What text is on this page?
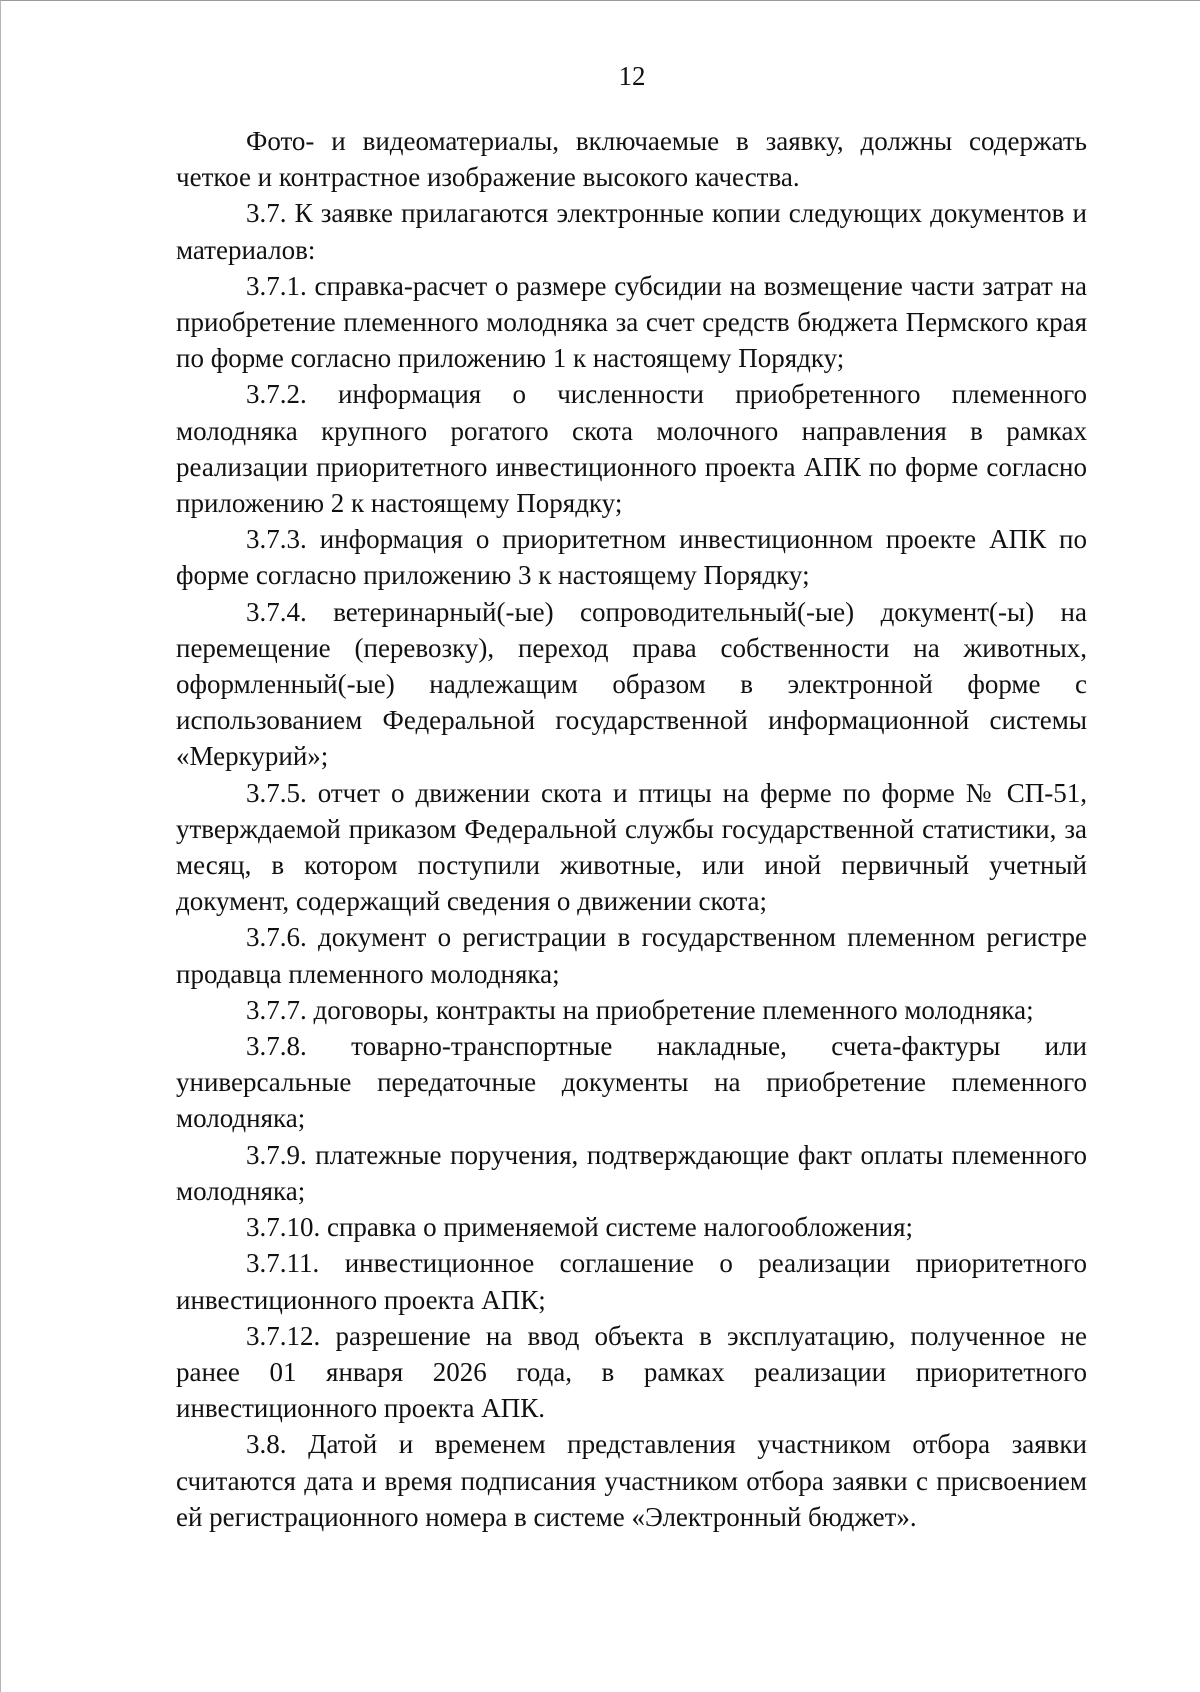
12

Фото- и видеоматериалы, включаемые в заявку, должны содержать четкое и контрастное изображение высокого качества.

3.7. К заявке прилагаются электронные копии следующих документов и материалов:

3.7.1. справка-расчет о размере субсидии на возмещение части затрат на приобретение племенного молодняка за счет средств бюджета Пермского края по форме согласно приложению 1 к настоящему Порядку;

3.7.2. информация о численности приобретенного племенного молодняка крупного рогатого скота молочного направления в рамках реализации приоритетного инвестиционного проекта АПК по форме согласно приложению 2 к настоящему Порядку;

3.7.3. информация о приоритетном инвестиционном проекте АПК по форме согласно приложению 3 к настоящему Порядку;

3.7.4. ветеринарный(-ые) сопроводительный(-ые) документ(-ы) на перемещение (перевозку), переход права собственности на животных, оформленный(-ые) надлежащим образом в электронной форме с использованием Федеральной государственной информационной системы «Меркурий»;

3.7.5. отчет о движении скота и птицы на ферме по форме № СП-51, утверждаемой приказом Федеральной службы государственной статистики, за месяц, в котором поступили животные, или иной первичный учетный документ, содержащий сведения о движении скота;

3.7.6. документ о регистрации в государственном племенном регистре продавца племенного молодняка;

3.7.7. договоры, контракты на приобретение племенного молодняка;

3.7.8. товарно-транспортные накладные, счета-фактуры или универсальные передаточные документы на приобретение племенного молодняка;

3.7.9. платежные поручения, подтверждающие факт оплаты племенного молодняка;

3.7.10. справка о применяемой системе налогообложения;

3.7.11. инвестиционное соглашение о реализации приоритетного инвестиционного проекта АПК;

3.7.12. разрешение на ввод объекта в эксплуатацию, полученное не ранее 01 января 2026 года, в рамках реализации приоритетного инвестиционного проекта АПК.

3.8. Датой и временем представления участником отбора заявки считаются дата и время подписания участником отбора заявки с присвоением ей регистрационного номера в системе «Электронный бюджет».
